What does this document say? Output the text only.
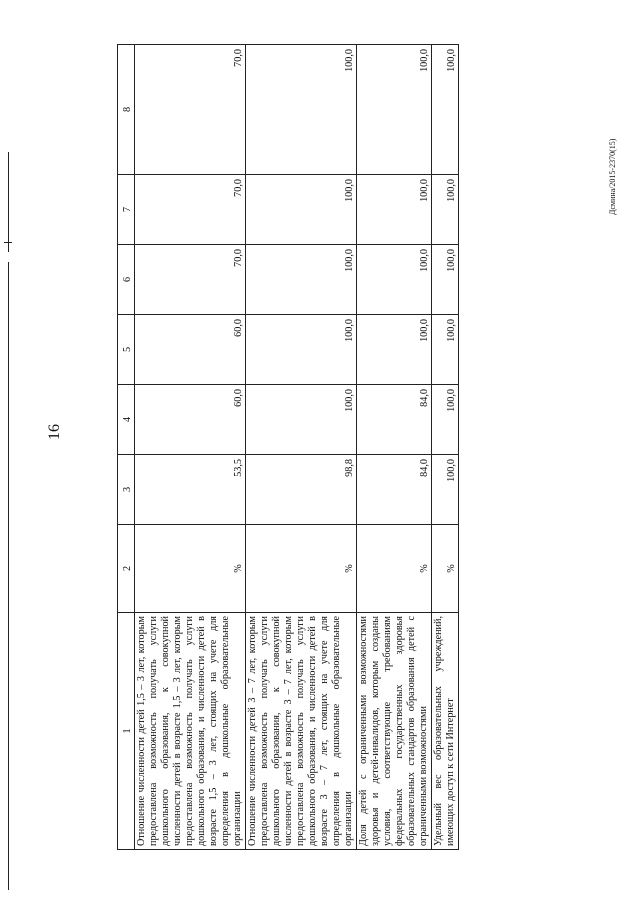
16
Дсмина/2015-2370(15)
1	2	3	4	5	6	7	8
Отношение численности детей 1,5 – 3 лет, которым предоставлена возможность получать услуги дошкольного образования, к совокупной численности детей в возрасте 1,5 – 3 лет, которым предоставлена возможность получать услуги дошкольного образования, и численности детей в возрасте 1,5 – 3 лет, стоящих на учете для определения в дошкольные образовательные организации	%	53,5	60,0	60,0	70,0	70,0	70,0
Отношение численности детей 3 – 7 лет, которым предоставлена возможность получать услуги дошкольного образования, к совокупной численности детей в возрасте 3 – 7 лет, которым предоставлена возможность получать услуги дошкольного образования, и численности детей в возрасте 3 – 7 лет, стоящих на учете для определения в дошкольные образовательные организации	%	98,8	100,0	100,0	100,0	100,0	100,0
Доля детей с ограниченными возможностями здоровья и детей-инвалидов, которым созданы условия, соответствующие требованиям федеральных государственных здоровья образовательных стандартов образования детей с ограниченными возможностями	%	84,0	84,0	100,0	100,0	100,0	100,0
Удельный вес образовательных учреждений, имеющих доступ к сети Интернет	%	100,0	100,0	100,0	100,0	100,0	100,0
